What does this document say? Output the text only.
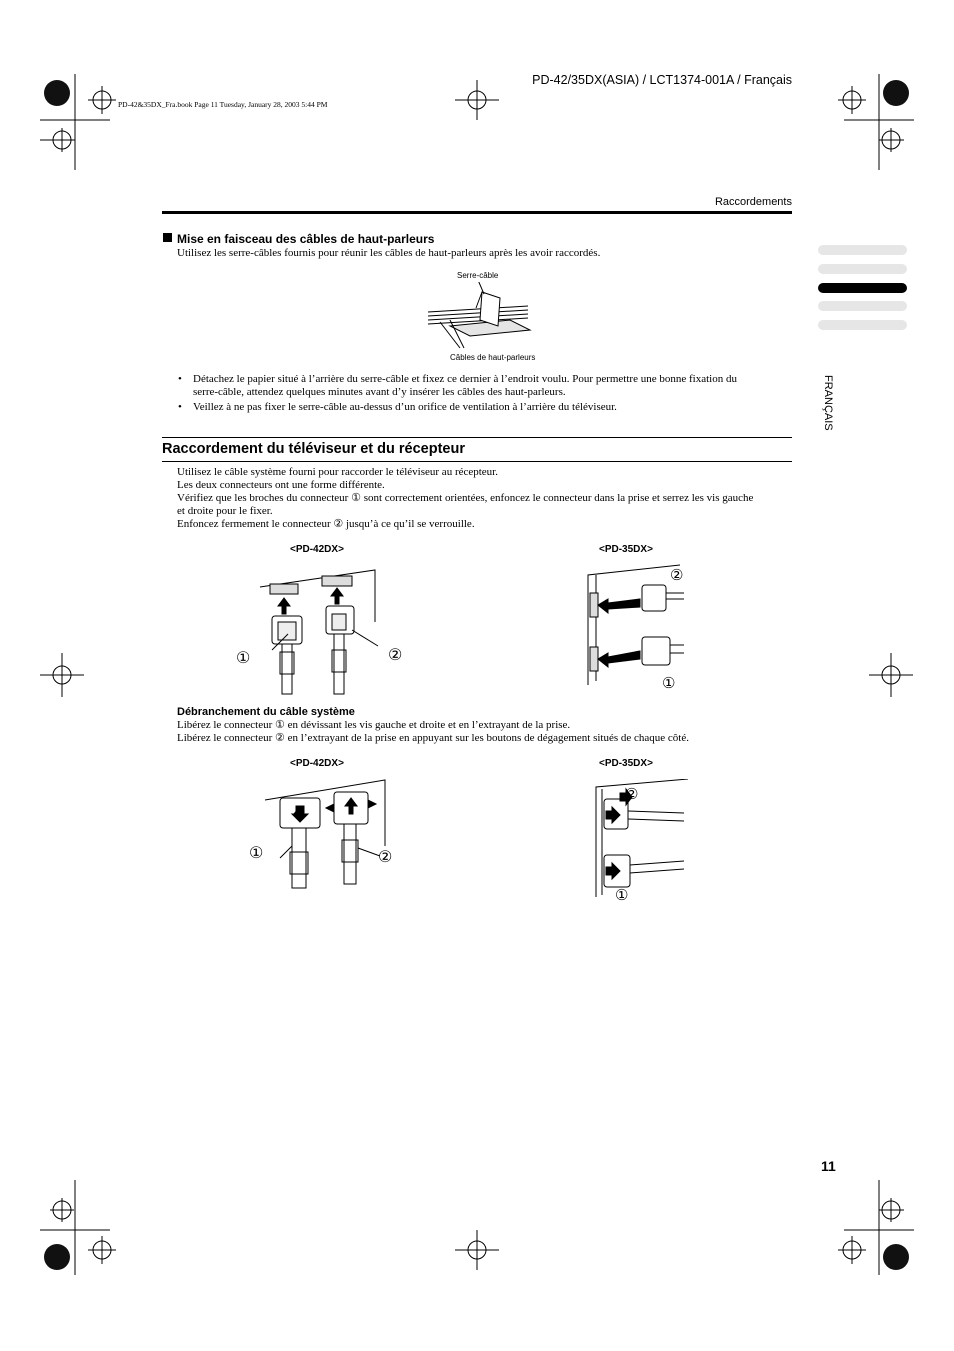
PD-42/35DX(ASIA) / LCT1374-001A / Français
PD-42&35DX_Fra.book Page 11 Tuesday, January 28, 2003 5:44 PM
Raccordements
FRANÇAIS
Mise en faisceau des câbles de haut-parleurs
Utilisez les serre-câbles fournis pour réunir les câbles de haut-parleurs après les avoir raccordés.
Serre-câble
Câbles de haut-parleurs
•	Détachez le papier situé à l’arrière du serre-câble et fixez ce dernier à l’endroit voulu. Pour permettre une bonne fixation du
serre-câble, attendez quelques minutes avant d’y insérer les câbles des haut-parleurs.
•	Veillez à ne pas fixer le serre-câble au-dessus d’un orifice de ventilation à l’arrière du téléviseur.
Raccordement du téléviseur et du récepteur
Utilisez le câble système fourni pour raccorder le téléviseur au récepteur.
Les deux connecteurs ont une forme différente.
Vérifiez que les broches du connecteur ① sont correctement orientées, enfoncez le connecteur dans la prise et serrez les vis gauche
et droite pour le fixer.
Enfoncez fermement le connecteur ② jusqu’à ce qu’il se verrouille.
<PD-42DX>	<PD-35DX>
①	②
②
①
Débranchement du câble système
Libérez le connecteur ① en dévissant les vis gauche et droite et en l’extrayant de la prise.
Libérez le connecteur ② en l’extrayant de la prise en appuyant sur les boutons de dégagement situés de chaque côté.
<PD-42DX>	<PD-35DX>
①	②
②
①
11
